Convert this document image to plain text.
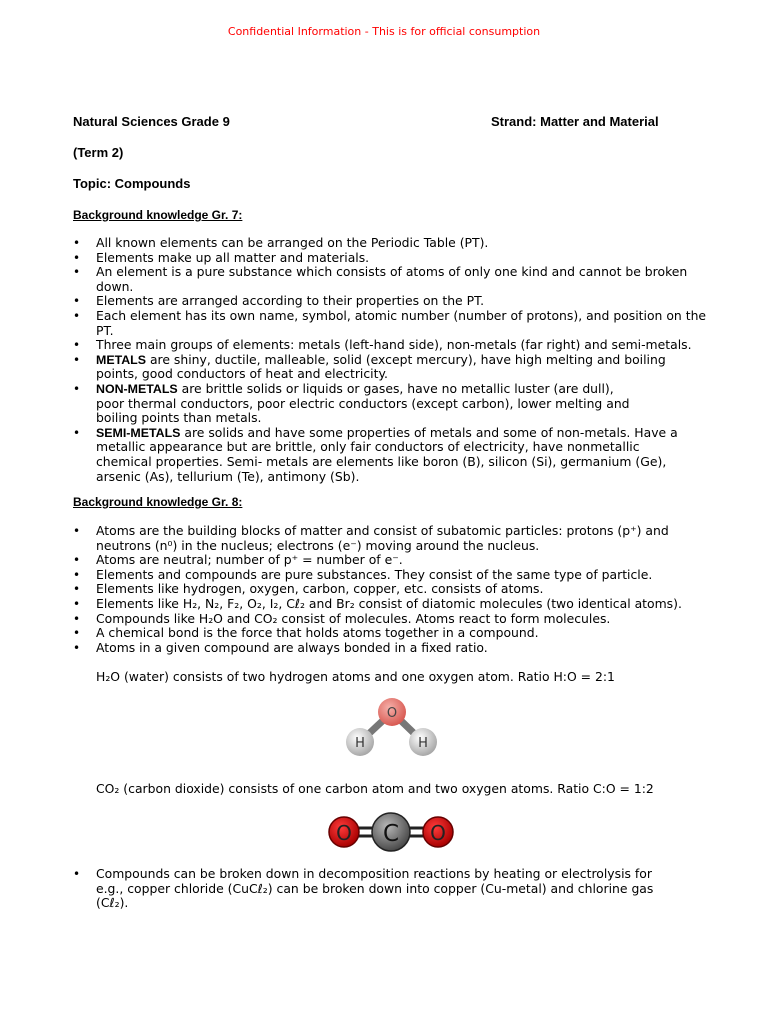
Confidential Information - This is for official consumption
Natural Sciences Grade 9	Strand: Matter and Material
(Term 2)
Topic: Compounds
Background knowledge Gr. 7:
• All known elements can be arranged on the Periodic Table (PT).
• Elements make up all matter and materials.
• An element is a pure substance which consists of atoms of only one kind and cannot be broken
down.
• Elements are arranged according to their properties on the PT.
• Each element has its own name, symbol, atomic number (number of protons), and position on the
PT.
• Three main groups of elements: metals (left-hand side), non-metals (far right) and semi-metals.
• METALS are shiny, ductile, malleable, solid (except mercury), have high melting and boiling
points, good conductors of heat and electricity.
• NON-METALS are brittle solids or liquids or gases, have no metallic luster (are dull),
poor thermal conductors, poor electric conductors (except carbon), lower melting and
boiling points than metals.
• SEMI-METALS are solids and have some properties of metals and some of non-metals. Have a
metallic appearance but are brittle, only fair conductors of electricity, have nonmetallic
chemical properties. Semi- metals are elements like boron (B), silicon (Si), germanium (Ge),
arsenic (As), tellurium (Te), antimony (Sb).
Background knowledge Gr. 8:
• Atoms are the building blocks of matter and consist of subatomic particles: protons (p⁺) and
neutrons (n⁰) in the nucleus; electrons (e⁻) moving around the nucleus.
• Atoms are neutral; number of p⁺ = number of e⁻.
• Elements and compounds are pure substances. They consist of the same type of particle.
• Elements like hydrogen, oxygen, carbon, copper, etc. consists of atoms.
• Elements like H₂, N₂, F₂, O₂, I₂, Cℓ₂ and Br₂ consist of diatomic molecules (two identical atoms).
• Compounds like H₂O and CO₂ consist of molecules. Atoms react to form molecules.
• A chemical bond is the force that holds atoms together in a compound.
• Atoms in a given compound are always bonded in a fixed ratio.
H₂O (water) consists of two hydrogen atoms and one oxygen atom. Ratio H:O = 2:1
O
H	H
CO₂ (carbon dioxide) consists of one carbon atom and two oxygen atoms. Ratio C:O = 1:2
O C O
• Compounds can be broken down in decomposition reactions by heating or electrolysis for
e.g., copper chloride (CuCℓ₂) can be broken down into copper (Cu-metal) and chlorine gas
(Cℓ₂).
